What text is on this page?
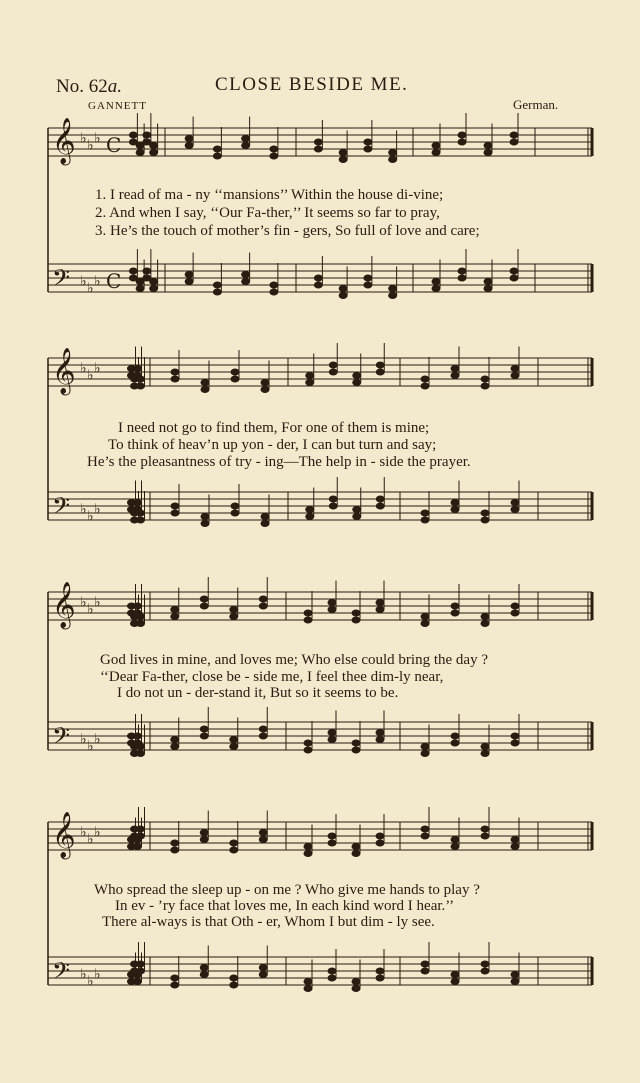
No. 62a.	CLOSE BESIDE ME.
GANNETT	German.
𝄞 ♭ ♭ ♭ C
𝄢 ♭ ♭ ♭ C
𝄞 ♭ ♭ ♭
𝄢 ♭ ♭ ♭
𝄞 ♭ ♭ ♭
𝄢 ♭ ♭ ♭
𝄞 ♭ ♭ ♭
𝄢 ♭ ♭ ♭
1. I read of ma - ny ‘‘mansions’’ Within the house di-vine;
2. And when I say, ‘‘Our Fa-ther,’’ It seems so far to pray,
3. He’s the touch of mother’s fin - gers, So full of love and care;
I need not go to find them, For one of them is mine;
To think of heav’n up yon - der, I can but turn and say;
He’s the pleasantness of try - ing—The help in - side the prayer.
God lives in mine, and loves me; Who else could bring the day ?
‘‘Dear Fa-ther, close be - side me, I feel thee dim-ly near,
I do not un - der-stand it, But so it seems to be.
Who spread the sleep up - on me ? Who give me hands to play ?
In ev - ’ry face that loves me, In each kind word I hear.’’
There al-ways is that Oth - er, Whom I but dim - ly see.
